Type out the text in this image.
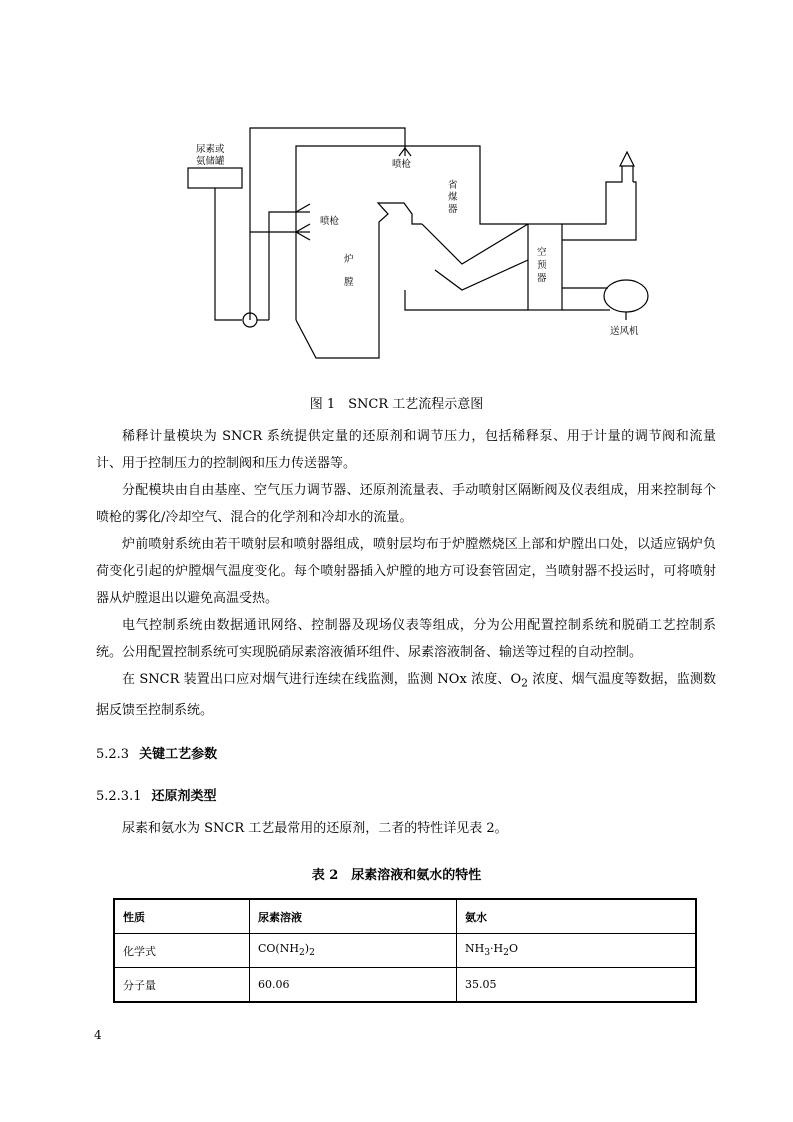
尿素或
氨储罐	喷枪
喷枪
炉
膛
省
煤
器
空
预
器
送风机
图 1　SNCR 工艺流程示意图
稀释计量模块为 SNCR 系统提供定量的还原剂和调节压力，包括稀释泵、用于计量的调节阀和流量计、用于控制压力的控制阀和压力传送器等。
分配模块由自由基座、空气压力调节器、还原剂流量表、手动喷射区隔断阀及仪表组成，用来控制每个喷枪的雾化/冷却空气、混合的化学剂和冷却水的流量。
炉前喷射系统由若干喷射层和喷射器组成，喷射层均布于炉膛燃烧区上部和炉膛出口处，以适应锅炉负荷变化引起的炉膛烟气温度变化。每个喷射器插入炉膛的地方可设套管固定，当喷射器不投运时，可将喷射器从炉膛退出以避免高温受热。
电气控制系统由数据通讯网络、控制器及现场仪表等组成，分为公用配置控制系统和脱硝工艺控制系统。公用配置控制系统可实现脱硝尿素溶液循环组件、尿素溶液制备、输送等过程的自动控制。
在 SNCR 装置出口应对烟气进行连续在线监测，监测 NOx 浓度、$O_2$ 浓度、烟气温度等数据，监测数据反馈至控制系统。
5.2.3 关键工艺参数
5.2.3.1 还原剂类型
尿素和氨水为 SNCR 工艺最常用的还原剂，二者的特性详见表 2。
表 2　尿素溶液和氨水的特性
性质	尿素溶液	氨水
化学式	$CO(NH_2)_2$	$NH_3\cdot H_2O$
分子量	60.06	35.05
4
